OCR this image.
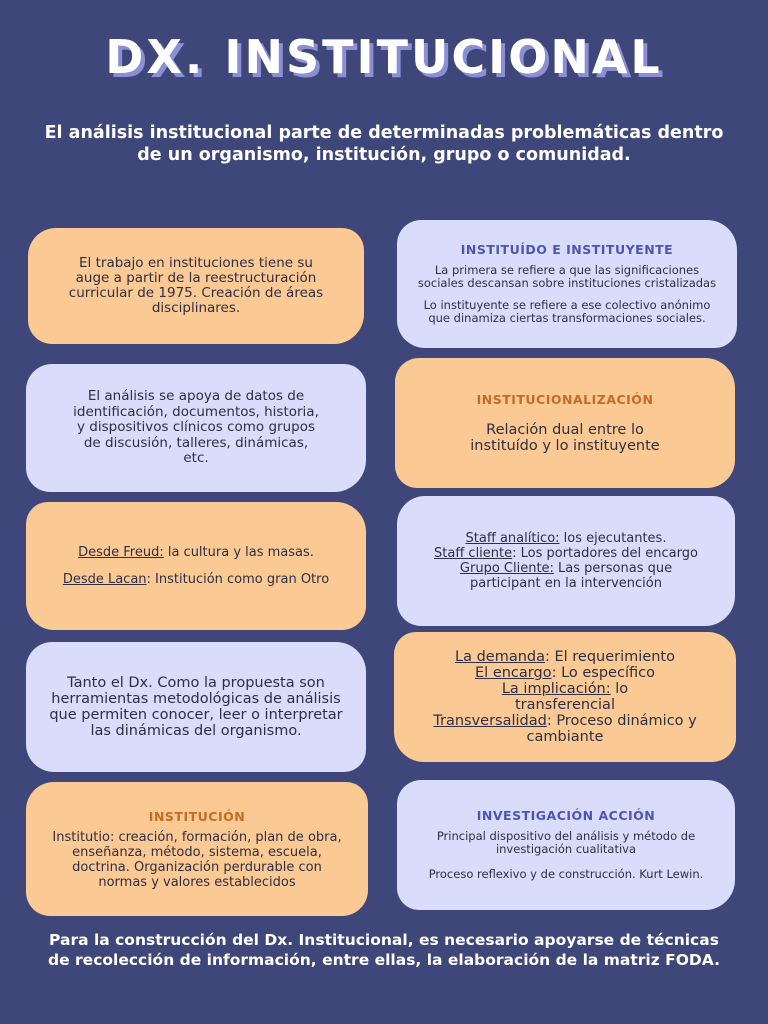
DX. INSTITUCIONAL
El análisis institucional parte de determinadas problemáticas dentro de un organismo, institución, grupo o comunidad.

El trabajo en instituciones tiene su auge a partir de la reestructuración curricular de 1975. Creación de áreas disciplinares.

INSTITUÍDO E INSTITUYENTE

La primera se refiere a que las significaciones sociales descansan sobre instituciones cristalizadas

Lo instituyente se refiere a ese colectivo anónimo que dinamiza ciertas transformaciones sociales.

El análisis se apoya de datos de identificación, documentos, historia, y dispositivos clínicos como grupos de discusión, talleres, dinámicas, etc.

INSTITUCIONALIZACIÓN

Relación dual entre lo instituído y lo instituyente

Desde Freud: la cultura y las masas.

Desde Lacan: Institución como gran Otro

Staff analítico: los ejecutantes.

Staff cliente: Los portadores del encargo

Grupo Cliente: Las personas que participant en la intervención

Tanto el Dx. Como la propuesta son herramientas metodológicas de análisis que permiten conocer, leer o interpretar las dinámicas del organismo.

La demanda: El requerimiento

El encargo: Lo específico

La implicación: lo transferencial

Transversalidad: Proceso dinámico y cambiante

INSTITUCIÓN

Institutio: creación, formación, plan de obra, enseñanza, método, sistema, escuela, doctrina. Organización perdurable con normas y valores establecidos

INVESTIGACIÓN ACCIÓN

Principal dispositivo del análisis y método de investigación cualitativa

Proceso reflexivo y de construcción. Kurt Lewin.

Para la construcción del Dx. Institucional, es necesario apoyarse de técnicas de recolección de información, entre ellas, la elaboración de la matriz FODA.
